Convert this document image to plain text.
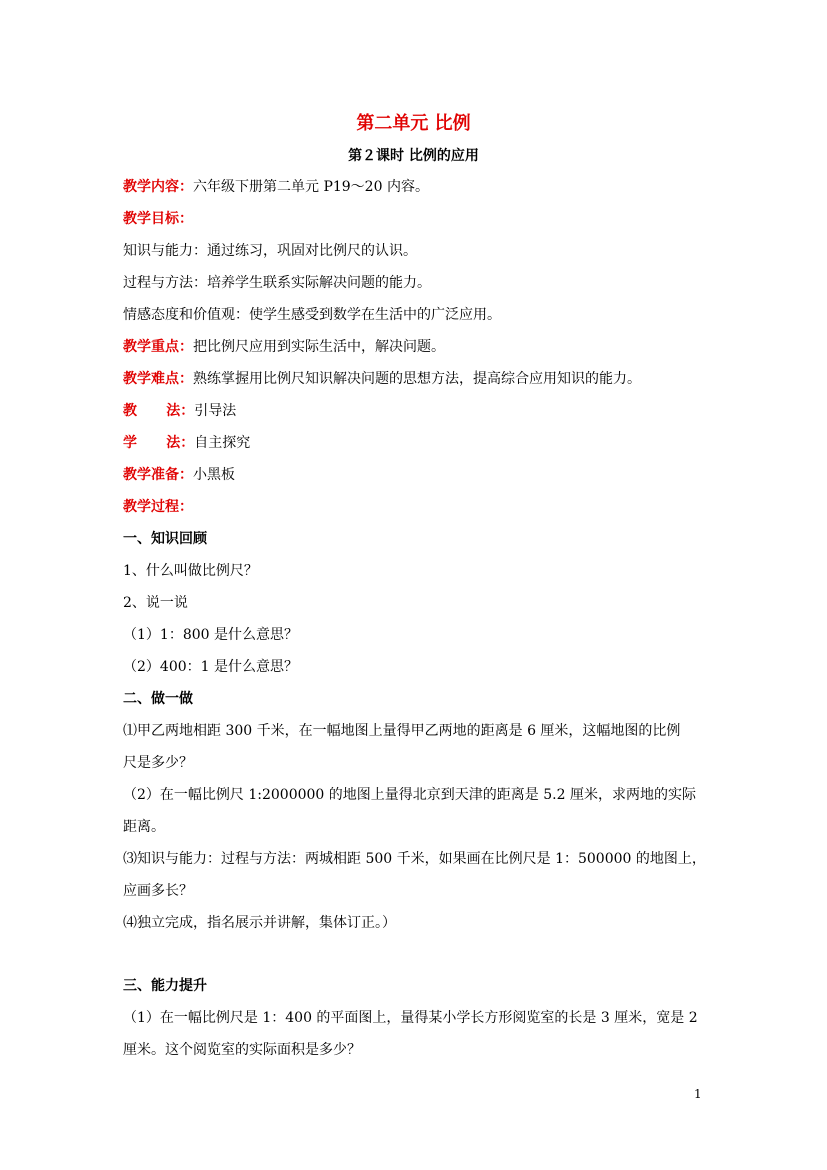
第二单元 比例
第２课时 比例的应用
教学内容：六年级下册第二单元 P19～20 内容。
教学目标：
知识与能力：通过练习，巩固对比例尺的认识。
过程与方法：培养学生联系实际解决问题的能力。
情感态度和价值观：使学生感受到数学在生活中的广泛应用。
教学重点：把比例尺应用到实际生活中，解决问题。
教学难点：熟练掌握用比例尺知识解决问题的思想方法，提高综合应用知识的能力。
教      法：引导法
学      法：自主探究
教学准备：小黑板
教学过程：
一、知识回顾
1、什么叫做比例尺？
2、说一说
（1）1：800 是什么意思？
（2）400：1 是什么意思？
二、做一做
⑴甲乙两地相距 300 千米，在一幅地图上量得甲乙两地的距离是 6 厘米，这幅地图的比例
尺是多少？
（2）在一幅比例尺 1:2000000 的地图上量得北京到天津的距离是 5.2 厘米，求两地的实际
距离。
⑶知识与能力：过程与方法：两城相距 500 千米，如果画在比例尺是 1：500000 的地图上，
应画多长？
⑷独立完成，指名展示并讲解，集体订正。）
三、能力提升
（1）在一幅比例尺是 1：400 的平面图上，量得某小学长方形阅览室的长是 3 厘米，宽是 2
厘米。这个阅览室的实际面积是多少？
1
